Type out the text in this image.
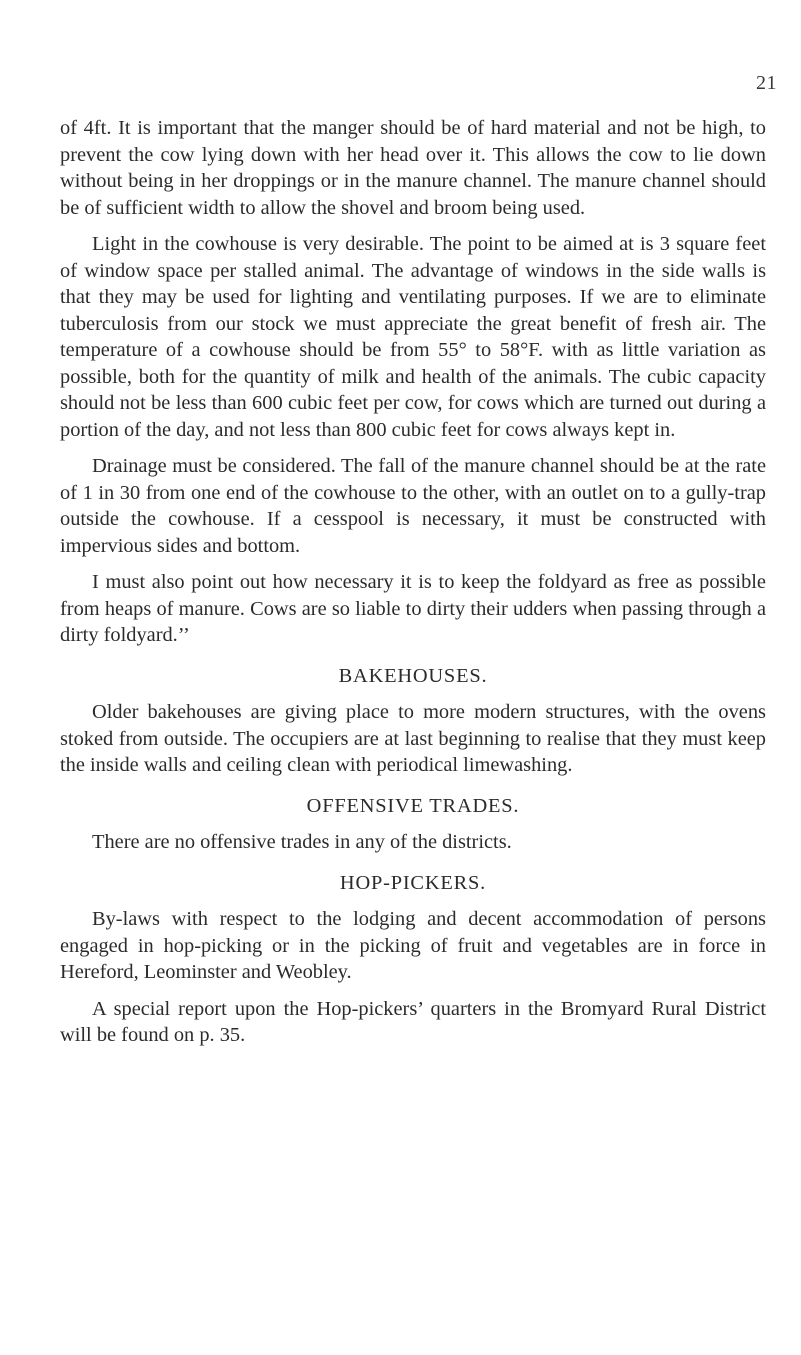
21

of 4ft. It is important that the manger should be of hard material and not be high, to prevent the cow lying down with her head over it. This allows the cow to lie down without being in her droppings or in the manure channel. The manure channel should be of sufficient width to allow the shovel and broom being used.

Light in the cowhouse is very desirable. The point to be aimed at is 3 square feet of window space per stalled animal. The advantage of windows in the side walls is that they may be used for lighting and ventilating purposes. If we are to eliminate tuberculosis from our stock we must appreciate the great benefit of fresh air. The temperature of a cowhouse should be from 55° to 58°F. with as little variation as possible, both for the quantity of milk and health of the animals. The cubic capacity should not be less than 600 cubic feet per cow, for cows which are turned out during a portion of the day, and not less than 800 cubic feet for cows always kept in.

Drainage must be considered. The fall of the manure channel should be at the rate of 1 in 30 from one end of the cowhouse to the other, with an outlet on to a gully-trap outside the cowhouse. If a cesspool is necessary, it must be constructed with impervious sides and bottom.

I must also point out how necessary it is to keep the foldyard as free as possible from heaps of manure. Cows are so liable to dirty their udders when passing through a dirty foldyard.’’

BAKEHOUSES.

Older bakehouses are giving place to more modern structures, with the ovens stoked from outside. The occupiers are at last beginning to realise that they must keep the inside walls and ceiling clean with periodical limewashing.

OFFENSIVE TRADES.

There are no offensive trades in any of the districts.

HOP-PICKERS.

By-laws with respect to the lodging and decent accommodation of persons engaged in hop-picking or in the picking of fruit and vegetables are in force in Hereford, Leominster and Weobley.

A special report upon the Hop-pickers’ quarters in the Bromyard Rural District will be found on p. 35.
